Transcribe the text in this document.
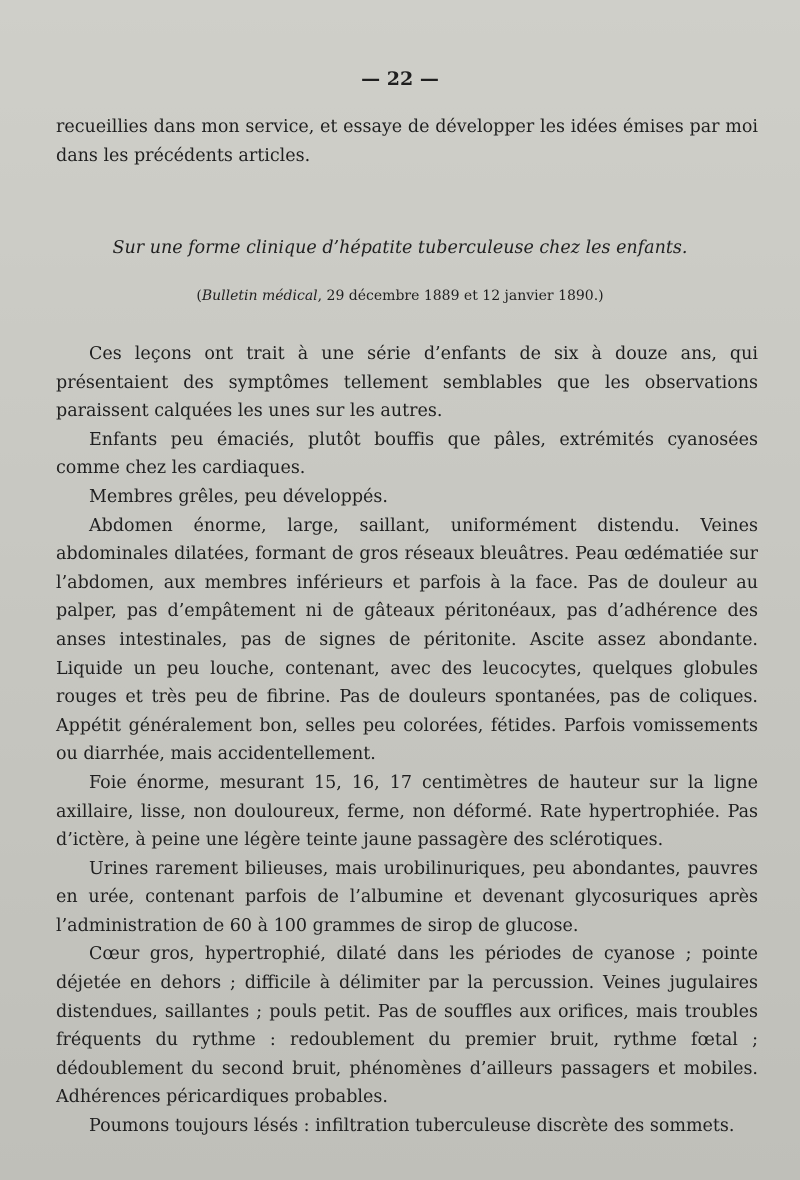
— 22 —

recueillies dans mon service, et essaye de développer les idées émises par moi dans les précédents articles.

Sur une forme clinique d’hépatite tuberculeuse chez les enfants.

(Bulletin médical, 29 décembre 1889 et 12 janvier 1890.)

Ces leçons ont trait à une série d’enfants de six à douze ans, qui présentaient des symptômes tellement semblables que les observations paraissent calquées les unes sur les autres.

Enfants peu émaciés, plutôt bouffis que pâles, extrémités cyanosées comme chez les cardiaques.

Membres grêles, peu développés.

Abdomen énorme, large, saillant, uniformément distendu. Veines abdominales dilatées, formant de gros réseaux bleuâtres. Peau œdématiée sur l’abdomen, aux membres inférieurs et parfois à la face. Pas de douleur au palper, pas d’empâtement ni de gâteaux péritonéaux, pas d’adhérence des anses intestinales, pas de signes de péritonite. Ascite assez abondante. Liquide un peu louche, contenant, avec des leucocytes, quelques globules rouges et très peu de fibrine. Pas de douleurs spontanées, pas de coliques. Appétit généralement bon, selles peu colorées, fétides. Parfois vomissements ou diarrhée, mais accidentellement.

Foie énorme, mesurant 15, 16, 17 centimètres de hauteur sur la ligne axillaire, lisse, non douloureux, ferme, non déformé. Rate hypertrophiée. Pas d’ictère, à peine une légère teinte jaune passagère des sclérotiques.

Urines rarement bilieuses, mais urobilinuriques, peu abondantes, pauvres en urée, contenant parfois de l’albumine et devenant glycosuriques après l’administration de 60 à 100 grammes de sirop de glucose.

Cœur gros, hypertrophié, dilaté dans les périodes de cyanose ; pointe déjetée en dehors ; difficile à délimiter par la percussion. Veines jugulaires distendues, saillantes ; pouls petit. Pas de souffles aux orifices, mais troubles fréquents du rythme : redoublement du premier bruit, rythme fœtal ; dédoublement du second bruit, phénomènes d’ailleurs passagers et mobiles. Adhérences péricardiques probables.

Poumons toujours lésés : infiltration tuberculeuse discrète des sommets.
